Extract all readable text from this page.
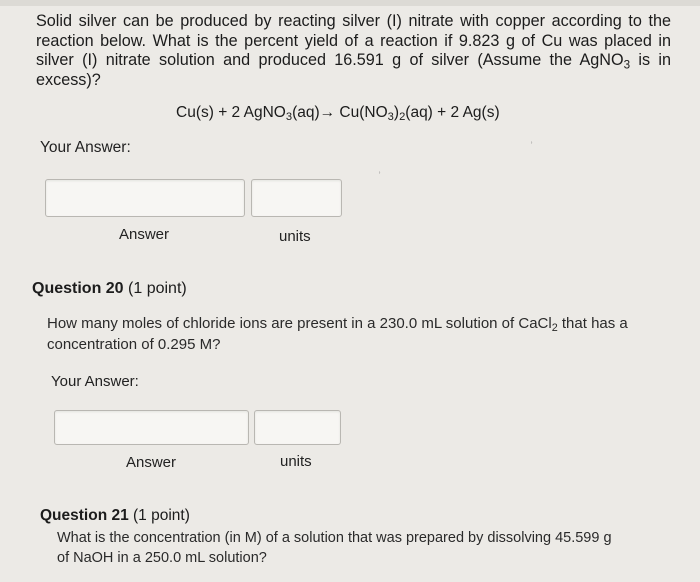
Solid silver can be produced by reacting silver (I) nitrate with copper according to the reaction below. What is the percent yield of a reaction if 9.823 g of Cu was placed in silver (I) nitrate solution and produced 16.591 g of silver (Assume the AgNO$_3$ is in excess)?
Cu(s) + 2 AgNO$_3$(aq)→ $Cu(NO_3)_2(aq) + 2$ Ag(s)
˒
˒
Your Answer:
Answer	units
Question 20 (1 point)
How many moles of chloride ions are present in a 230.0 mL solution of CaCl$_2$ that has a concentration of 0.295 M?
Your Answer:
Answer	units
Question 21 (1 point)
What is the concentration (in M) of a solution that was prepared by dissolving 45.599 g of NaOH in a 250.0 mL solution?
